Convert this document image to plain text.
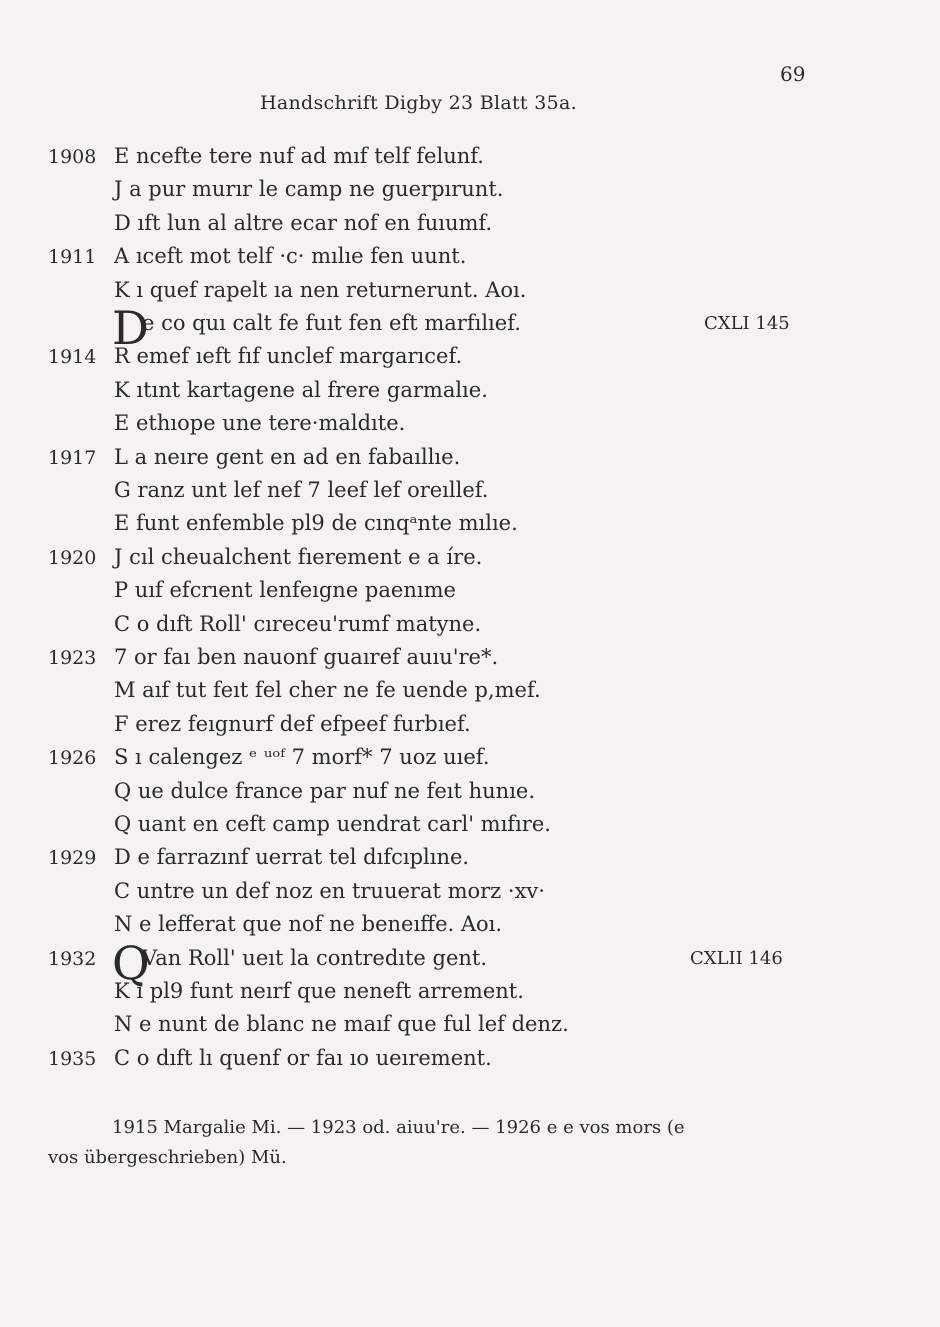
69
Handschrift Digby 23 Blatt 35a.
1908 E ncefte tere nuf ad mıf telf felunf.
J a pur murır le camp ne guerpırunt.
D ıft lun al altre ecar nof en fuıumf.
1911 A ıceft mot telf ·c· mılıe fen uunt.
K ı quef rapelt ıa nen returnerunt. Aoı.
D
e co quı calt fe fuıt fen eft marfılıef.	CXLI 145
1914 R emef ıeft fıf unclef margarıcef.
K ıtınt kartagene al frere garmalıe.
E ethıope une tere·maldıte.
1917 L a neıre gent en ad en fabaıllıe.
G ranz unt lef nef 7 leef lef oreıllef.
E funt enfemble pl9 de cınqᵃnte mılıe.
1920 J cıl cheualchent fıerement e a íre.
P uıf efcrıent lenfeıgne paenıme
C o dıft Roll' cıreceu'rumf matyne.
1923 7 or faı ben nauonf guaıref auıu're*.
M aıf tut feıt fel cher ne fe uende p,mef.
F erez feıgnurf def efpeef furbıef.
1926 S ı calengez ᵉ ᵘᵒᶠ 7 morf* 7 uoz uıef.
Q ue dulce france par nuf ne feıt hunıe.
Q uant en ceft camp uendrat carl' mıfıre.
1929 D e farrazınf uerrat tel dıfcıplıne.
C untre un def noz en truuerat morz ·xv·
N e lefferat que nof ne beneıffe. Aoı.
1932 Q
Van Roll' ueıt la contredıte gent.	CXLII 146
K ı pl9 funt neırf que neneft arrement.
N e nunt de blanc ne maıf que ful lef denz.
1935 C o dıft lı quenf or faı ıo ueırement.
1915 Margalie Mi. — 1923 od. aiuu're. — 1926 e e vos mors (e
vos übergeschrieben) Mü.
